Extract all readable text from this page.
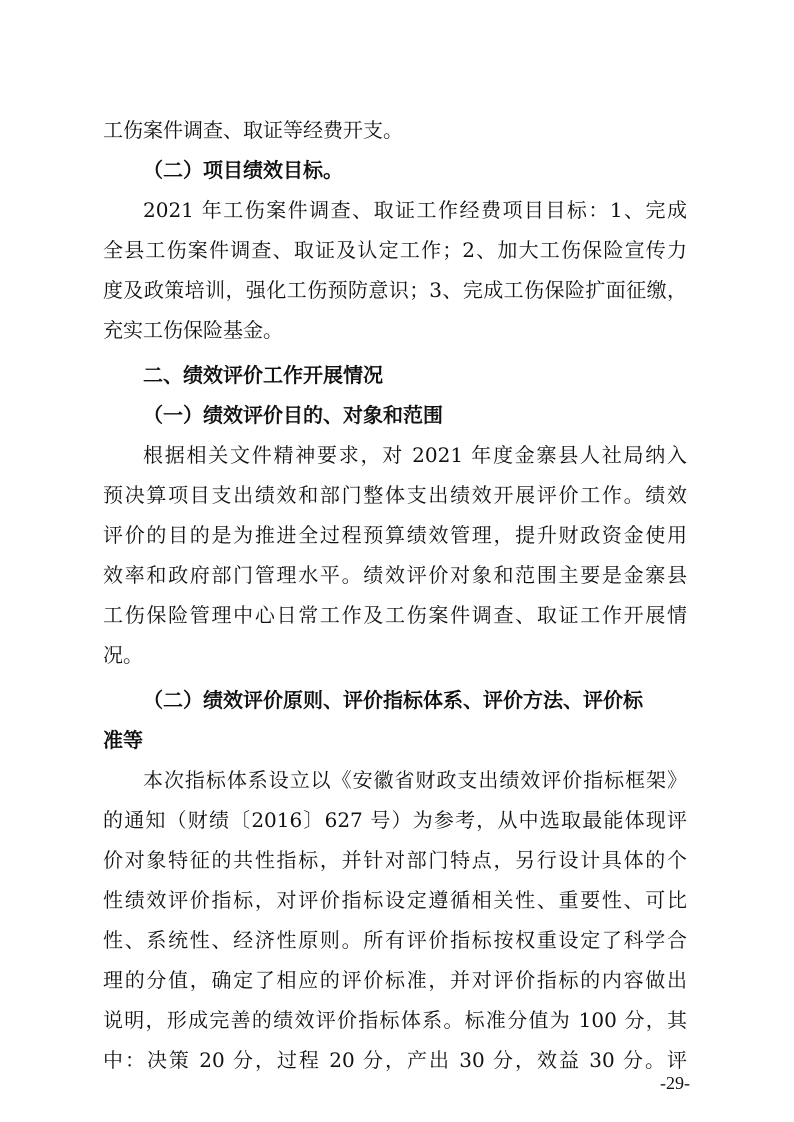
工伤案件调查、取证等经费开支。
（二）项目绩效目标。
2021 年工伤案件调查、取证工作经费项目目标：1、完成
全县工伤案件调查、取证及认定工作；2、加大工伤保险宣传力
度及政策培训，强化工伤预防意识；3、完成工伤保险扩面征缴，
充实工伤保险基金。
二、绩效评价工作开展情况
（一）绩效评价目的、对象和范围
根据相关文件精神要求，对 2021 年度金寨县人社局纳入
预决算项目支出绩效和部门整体支出绩效开展评价工作。绩效
评价的目的是为推进全过程预算绩效管理，提升财政资金使用
效率和政府部门管理水平。绩效评价对象和范围主要是金寨县
工伤保险管理中心日常工作及工伤案件调查、取证工作开展情
况。
（二）绩效评价原则、评价指标体系、评价方法、评价标
准等
本次指标体系设立以《安徽省财政支出绩效评价指标框架》
的通知（财绩〔2016〕627 号）为参考，从中选取最能体现评
价对象特征的共性指标，并针对部门特点，另行设计具体的个
性绩效评价指标，对评价指标设定遵循相关性、重要性、可比
性、系统性、经济性原则。所有评价指标按权重设定了科学合
理的分值，确定了相应的评价标准，并对评价指标的内容做出
说明，形成完善的绩效评价指标体系。标准分值为 100 分，其
中：决策 20 分，过程 20 分，产出 30 分，效益 30 分。评
-29-
